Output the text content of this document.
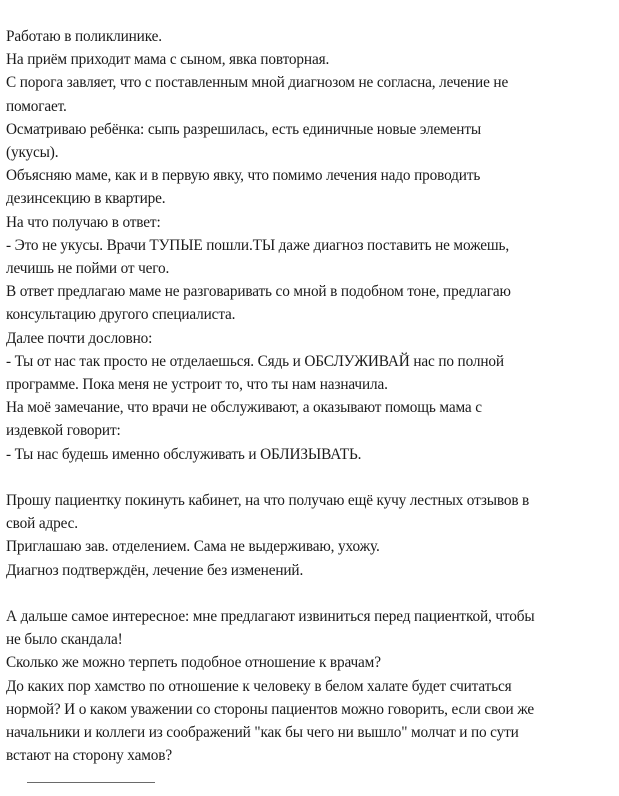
Работаю в поликлинике.
На приём приходит мама с сыном, явка повторная.
С порога завляет, что с поставленным мной диагнозом не согласна, лечение не
помогает.
Осматриваю ребёнка: сыпь разрешилась, есть единичные новые элементы
(укусы).
Объясняю маме, как и в первую явку, что помимо лечения надо проводить
дезинсекцию в квартире.
На что получаю в ответ:
- Это не укусы. Врачи ТУПЫЕ пошли.ТЫ даже диагноз поставить не можешь,
лечишь не пойми от чего.
В ответ предлагаю маме не разговаривать со мной в подобном тоне, предлагаю
консультацию другого специалиста.
Далее почти дословно:
- Ты от нас так просто не отделаешься. Сядь и ОБСЛУЖИВАЙ нас по полной
программе. Пока меня не устроит то, что ты нам назначила.
На моё замечание, что врачи не обслуживают, а оказывают помощь мама с
издевкой говорит:
- Ты нас будешь именно обслуживать и ОБЛИЗЫВАТЬ.
Прошу пациентку покинуть кабинет, на что получаю ещё кучу лестных отзывов в
свой адрес.
Приглашаю зав. отделением. Сама не выдерживаю, ухожу.
Диагноз подтверждён, лечение без изменений.
А дальше самое интересное: мне предлагают извиниться перед пациенткой, чтобы
не было скандала!
Сколько же можно терпеть подобное отношение к врачам?
До каких пор хамство по отношение к человеку в белом халате будет считаться
нормой? И о каком уважении со стороны пациентов можно говорить, если свои же
начальники и коллеги из соображений "как бы чего ни вышло" молчат и по сути
встают на сторону хамов?
